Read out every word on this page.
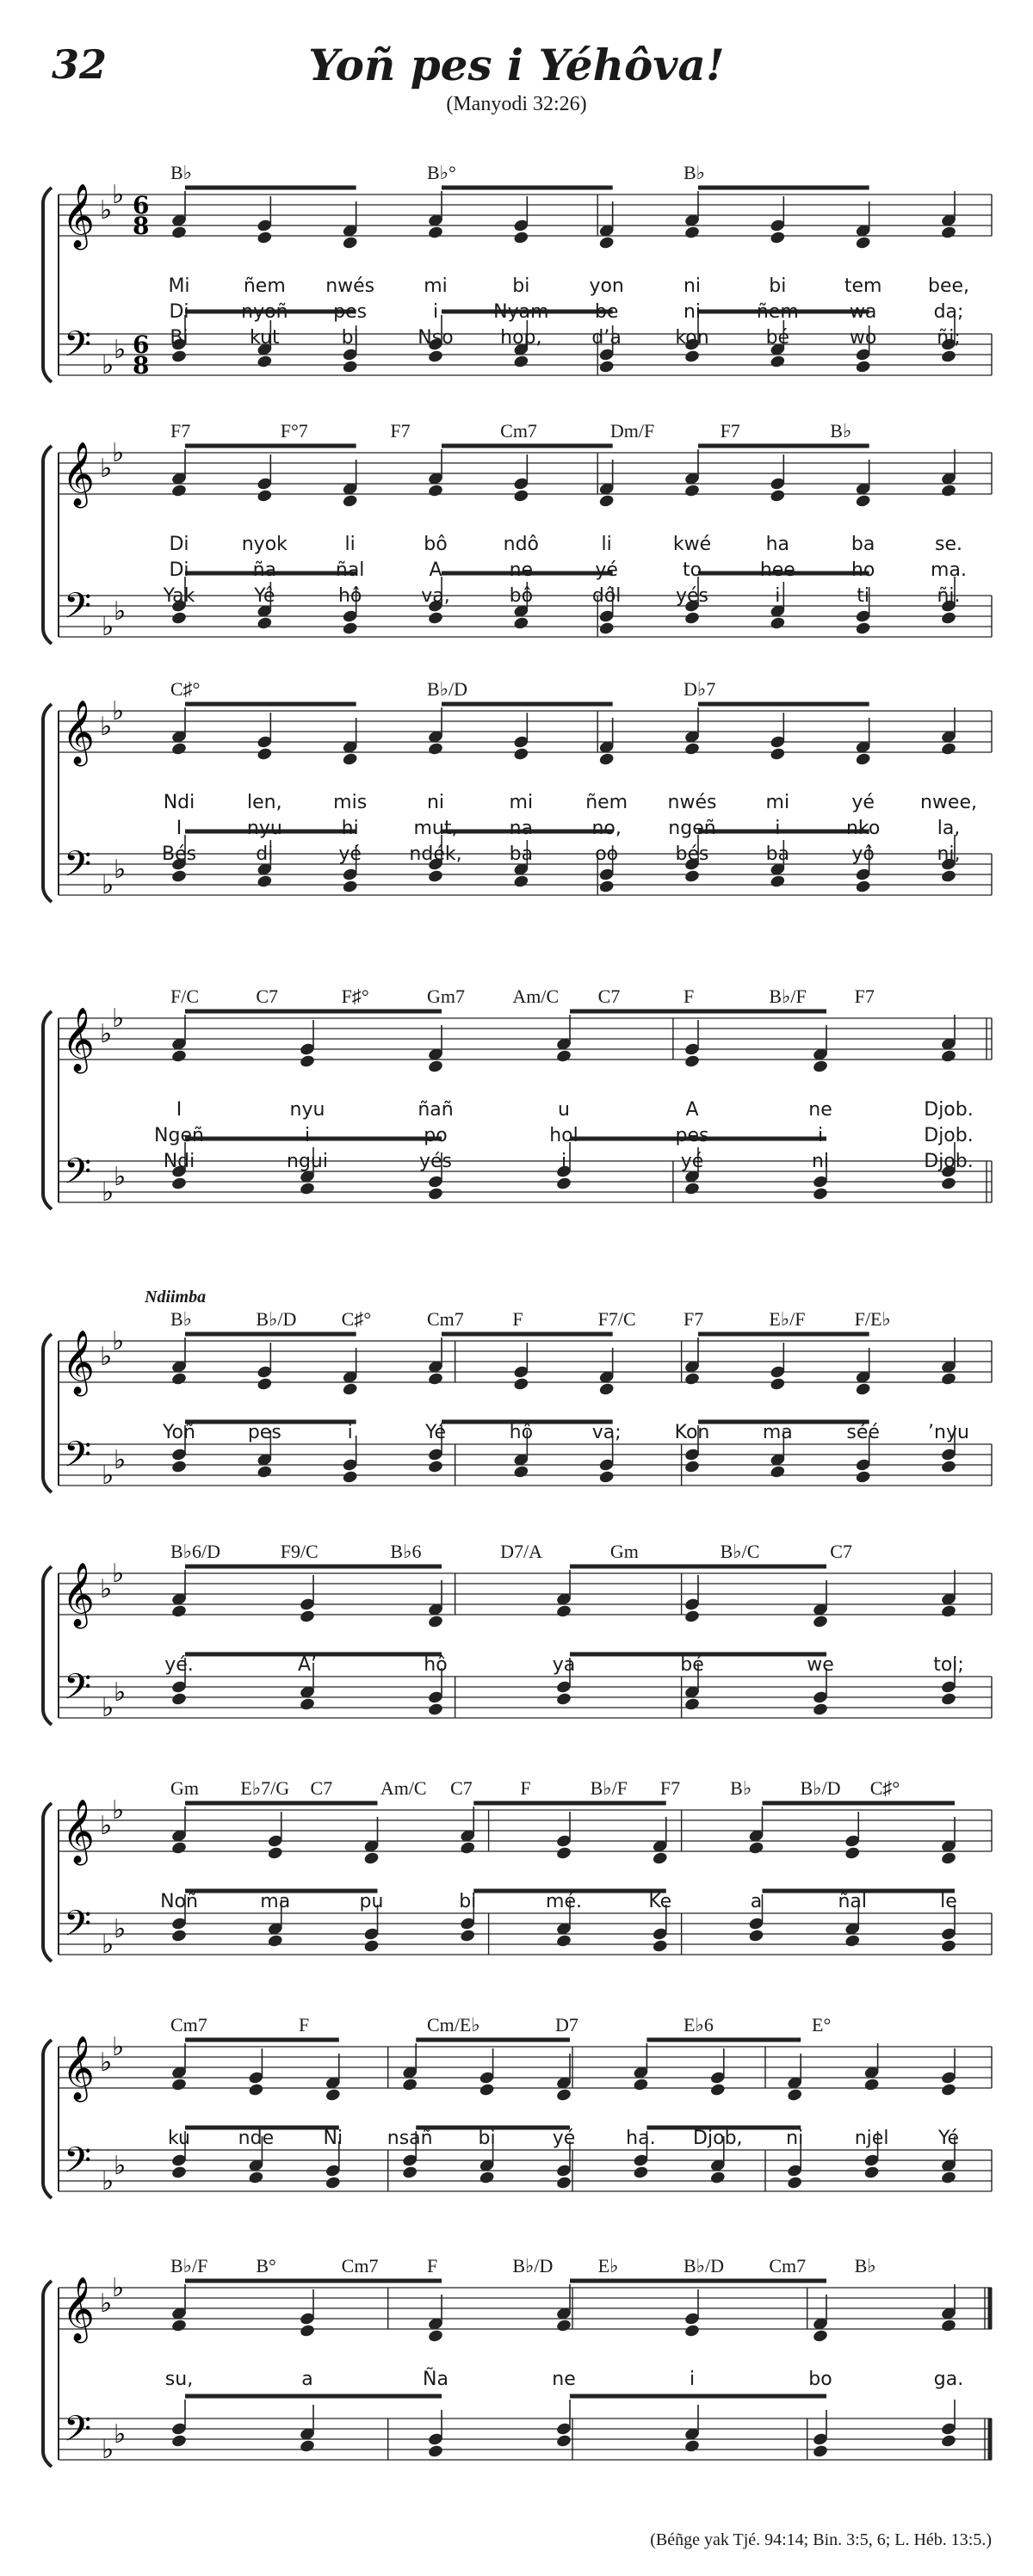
32	Yoñ pes i Yéhôva!
(Manyodi 32:26)
𝄞
𝄢
♭
♭
♭
♭
6
8
6
8
B♭	B♭°	B♭
Mi	ñem nwés	mi	bi	yon	ni	bi	tem bee,
Di	nyoñ pes	i	Nyam be	ni	ñem	wa	da;
Bi	kut	bi	Nso hop,	d’a	kon	bé	wo	ñi;
𝄞
𝄢
♭
♭
♭
♭
F7	F°7	F7	Cm7	Dm/F	F7	B♭
Di	nyok	li	bô	ndô	li	kwé	ha	ba	se.
Di	ña	ñal	A	ne	yé	to	hee	ho	ma.
Yak	Yê	hô	va,	bô	dôl	yés	i	ti	ñi.
𝄞
𝄢
♭
♭
♭
♭
C♯°	B♭/D	D♭7
Ndi	len,	mis	ni	mi	ñem nwés	mi	yé nwee,
I	nyu	hi	mut,	na	no, ngeñ	i	nko	la,
Bés	di	yé	ndék,	ba	oo	bés	ba	yô	ni,
𝄞
𝄢
♭
♭
♭
♭
F/C	C7	F♯°	Gm7	Am/C C7	F	B♭/F	F7
I	nyu	ñañ	u	A	ne	Djob.
Ngeñ	i	po	hol	pes	i	Djob.
Ndi	ngui	yés	i	yé	ni	Djob.
𝄞
𝄢
♭
♭
♭
♭
Ndiimba
B♭	B♭/D C♯°	Cm7	F	F7/C	F7	E♭/F	F/E♭
Yoñ	pes	i	Yé	hô	va;	Kon	ma	séé	’nyu
𝄞
𝄢
♭
♭
♭
♭
B♭6/D	F9/C	B♭6	D7/A	Gm	B♭/C	C7
yé.	A’	hô	ya	bé	we	toi;
𝄞
𝄢
♭
♭
♭
♭
Gm E♭7/G C7	Am/C C7	F	B♭/F F7	B♭	B♭/D C♯°
Noñ	ma	pu	bi	mé.	Ke	a	ñal	le
𝄞
𝄢
♭
♭
♭
♭
Cm7	F	Cm/E♭	D7	E♭6	E°
ku	nde	Ni nsañ bi	yé	ha. Djob, ni	njel	Yé
𝄞
𝄢
♭
♭
♭
♭
B♭/F	B°	Cm7	F	B♭/D E♭	B♭/D Cm7	B♭
su,	a	Ña	ne	i	bo	ga.
(Béñge yak Tjé. 94:14; Bin. 3:5, 6; L. Héb. 13:5.)
